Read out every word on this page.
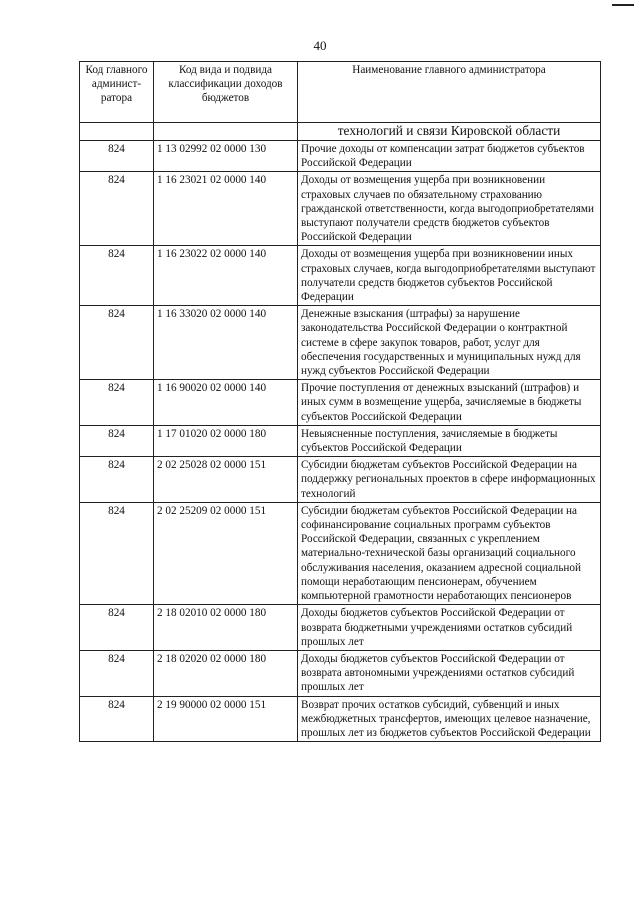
40
Код главного админист-ратора	Код вида и подвида классификации доходов бюджетов	Наименование главного администратора
		технологий и связи Кировской области
824	1 13 02992 02 0000 130	Прочие доходы от компенсации затрат бюджетов субъектов Российской Федерации
824	1 16 23021 02 0000 140	Доходы от возмещения ущерба при возникновении страховых случаев по обязательному страхованию гражданской ответственности, когда выгодоприобретателями выступают получатели средств бюджетов субъектов Российской Федерации
824	1 16 23022 02 0000 140	Доходы от возмещения ущерба при возникновении иных страховых случаев, когда выгодоприобретателями выступают получатели средств бюджетов субъектов Российской Федерации
824	1 16 33020 02 0000 140	Денежные взыскания (штрафы) за нарушение законодательства Российской Федерации о контрактной системе в сфере закупок товаров, работ, услуг для обеспечения государственных и муниципальных нужд для нужд субъектов Российской Федерации
824	1 16 90020 02 0000 140	Прочие поступления от денежных взысканий (штрафов) и иных сумм в возмещение ущерба, зачисляемые в бюджеты субъектов Российской Федерации
824	1 17 01020 02 0000 180	Невыясненные поступления, зачисляемые в бюджеты субъектов Российской Федерации
824	2 02 25028 02 0000 151	Субсидии бюджетам субъектов Российской Федерации на поддержку региональных проектов в сфере информационных технологий
824	2 02 25209 02 0000 151	Субсидии бюджетам субъектов Российской Федерации на софинансирование социальных программ субъектов Российской Федерации, связанных с укреплением материально-технической базы организаций социального обслуживания населения, оказанием адресной социальной помощи неработающим пенсионерам, обучением компьютерной грамотности неработающих пенсионеров
824	2 18 02010 02 0000 180	Доходы бюджетов субъектов Российской Федерации от возврата бюджетными учреждениями остатков субсидий прошлых лет
824	2 18 02020 02 0000 180	Доходы бюджетов субъектов Российской Федерации от возврата автономными учреждениями остатков субсидий прошлых лет
824	2 19 90000 02 0000 151	Возврат прочих остатков субсидий, субвенций и иных межбюджетных трансфертов, имеющих целевое назначение, прошлых лет из бюджетов субъектов Российской Федерации
